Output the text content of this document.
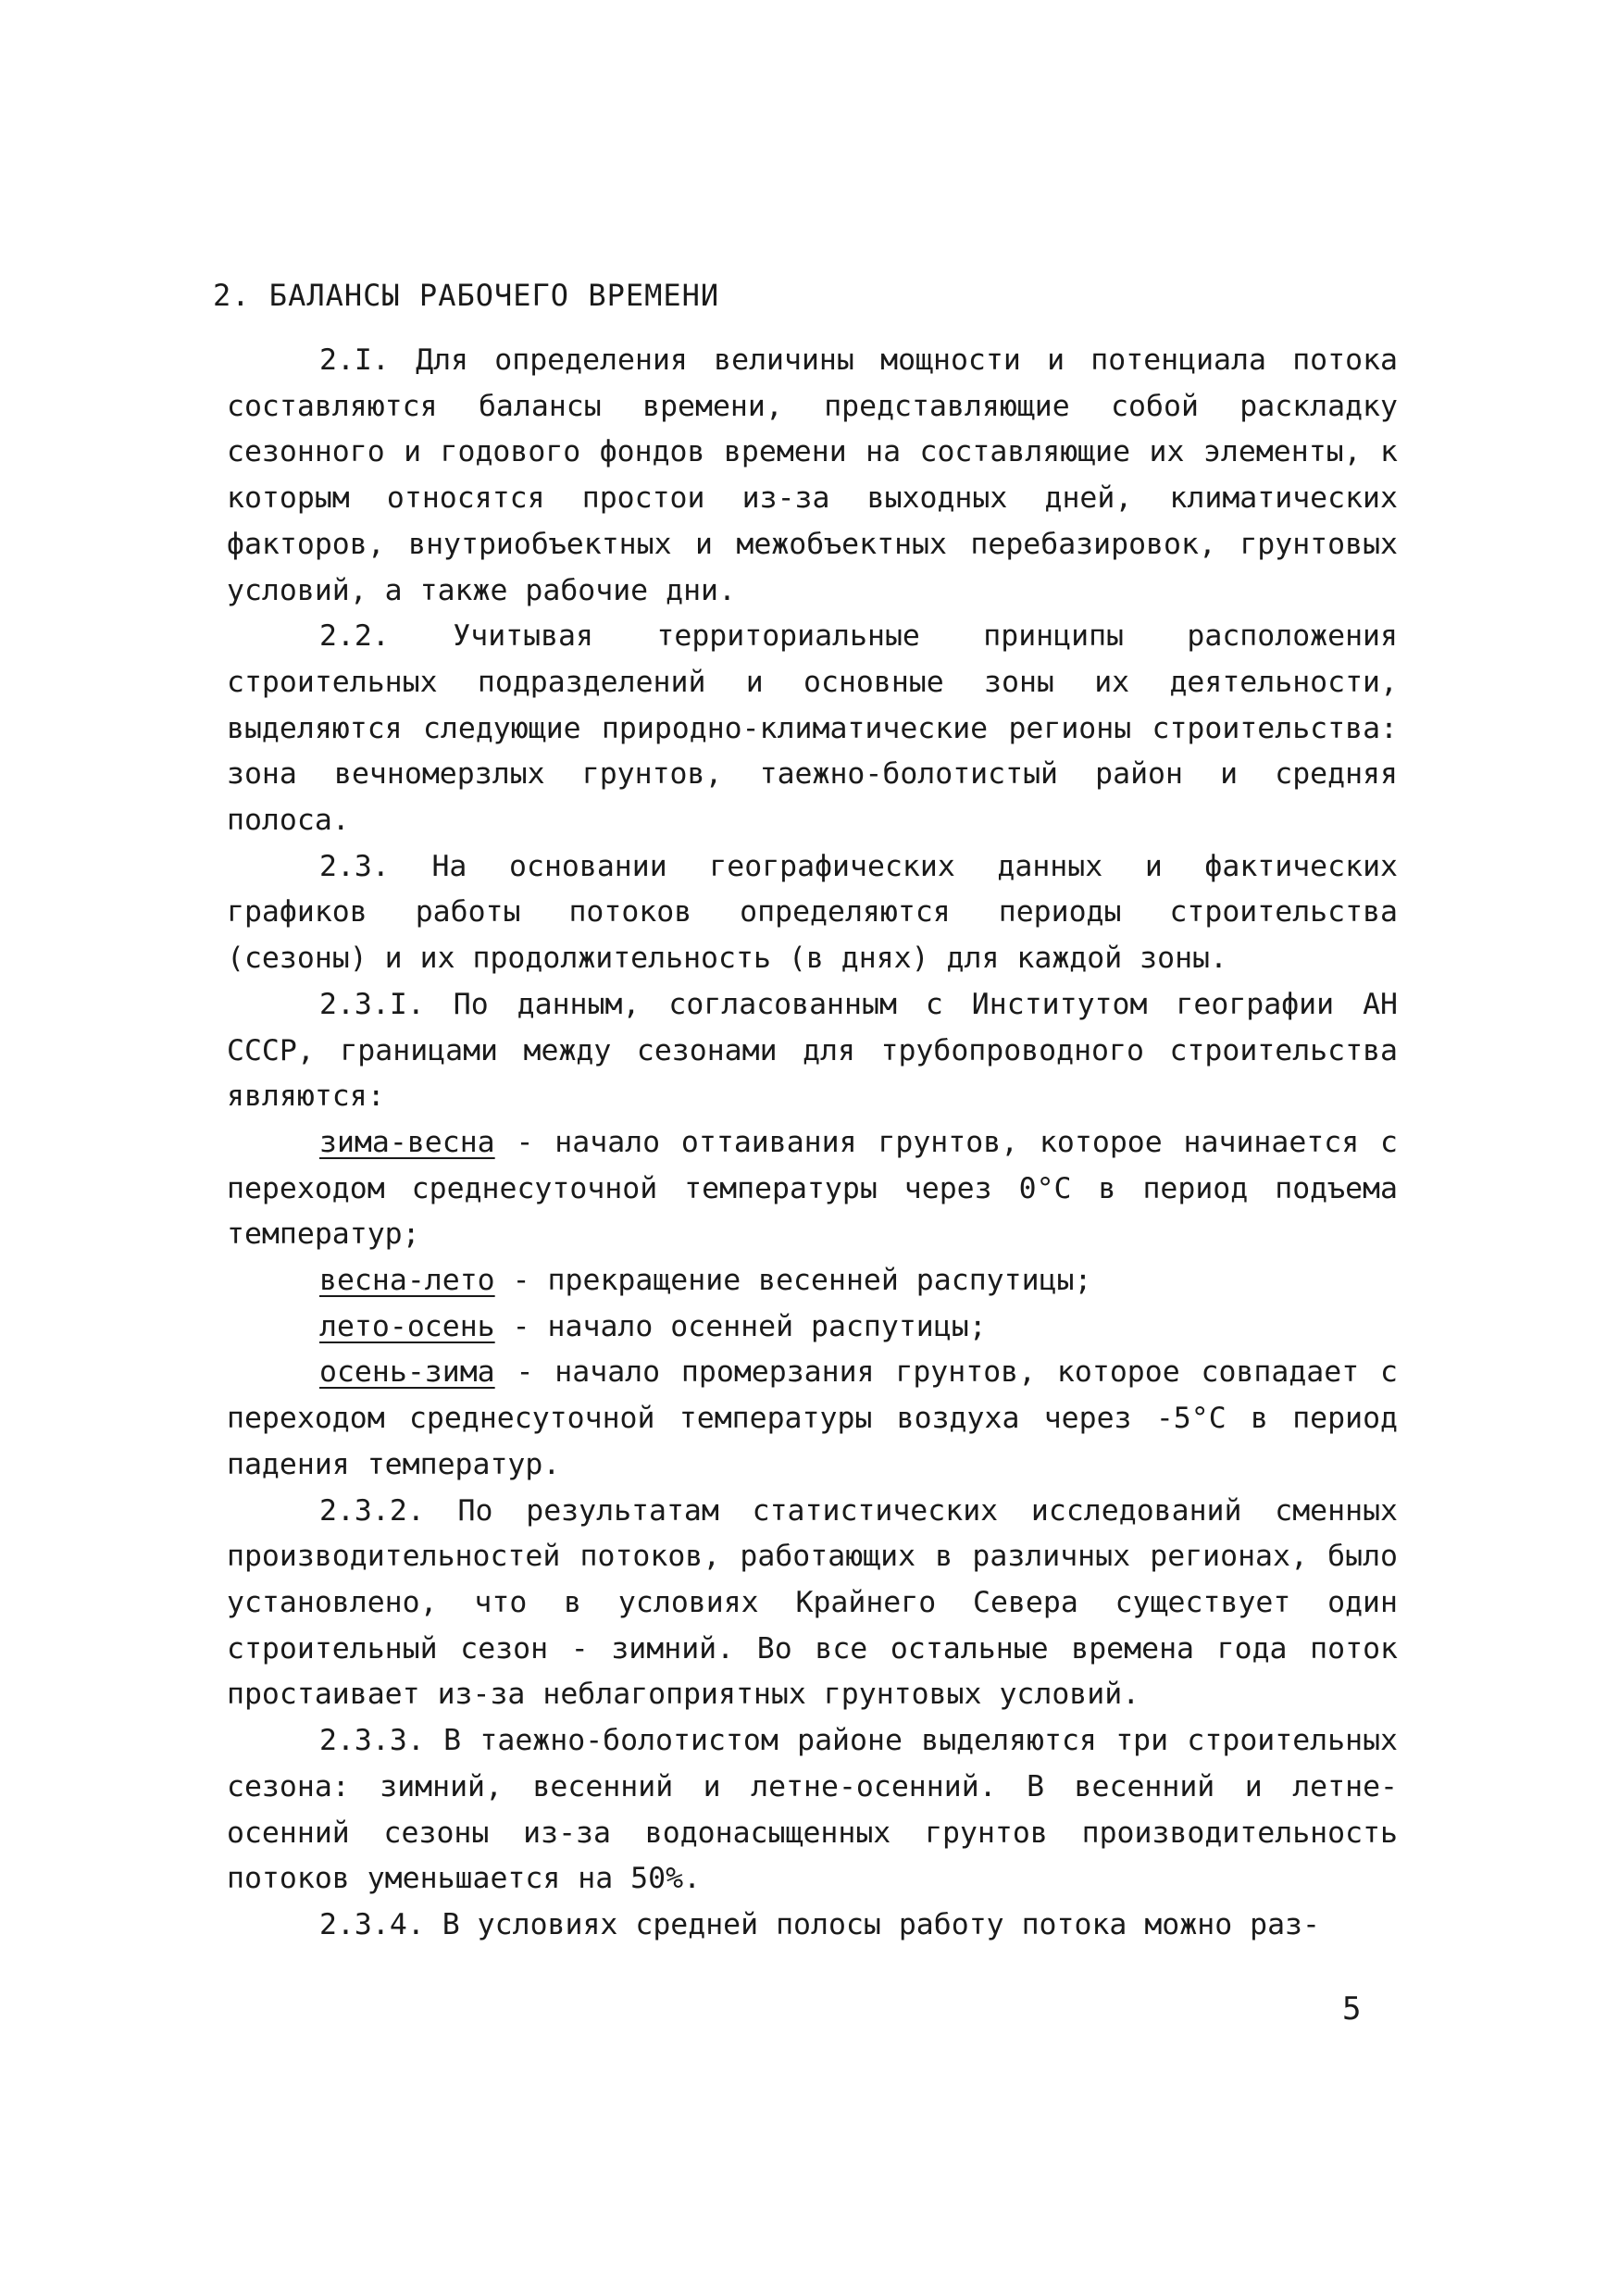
2. БАЛАНСЫ РАБОЧЕГО ВРЕМЕНИ

2.I. Для определения величины мощности и потенциала потока составляются балансы времени, представляющие собой раскладку сезонного и годового фондов времени на составляющие их элементы, к которым относятся простои из-за выходных дней, климатических факторов, внутриобъектных и межобъектных перебазировок, грунтовых условий, а также рабочие дни.

2.2. Учитывая территориальные принципы расположения строительных подразделений и основные зоны их деятельности, выделяются следующие природно-климатические регионы строительства: зона вечномерзлых грунтов, таежно-болотистый район и средняя полоса.

2.3. На основании географических данных и фактических графиков работы потоков определяются периоды строительства (сезоны) и их продолжительность (в днях) для каждой зоны.

2.3.I. По данным, согласованным с Институтом географии АН СССР, границами между сезонами для трубопроводного строительства являются:

зима-весна - начало оттаивания грунтов, которое начинается с переходом среднесуточной температуры через 0°С в период подъема температур;

весна-лето - прекращение весенней распутицы;

лето-осень - начало осенней распутицы;

осень-зима - начало промерзания грунтов, которое совпадает с переходом среднесуточной температуры воздуха через -5°С в период падения температур.

2.3.2. По результатам статистических исследований сменных производительностей потоков, работающих в различных регионах, было установлено, что в условиях Крайнего Севера существует один строительный сезон - зимний. Во все остальные времена года поток простаивает из-за неблагоприятных грунтовых условий.

2.3.3. В таежно-болотистом районе выделяются три строительных сезона: зимний, весенний и летне-осенний. В весенний и летне-осенний сезоны из-за водонасыщенных грунтов производительность потоков уменьшается на 50%.

2.3.4. В условиях средней полосы работу потока можно раз-

5
